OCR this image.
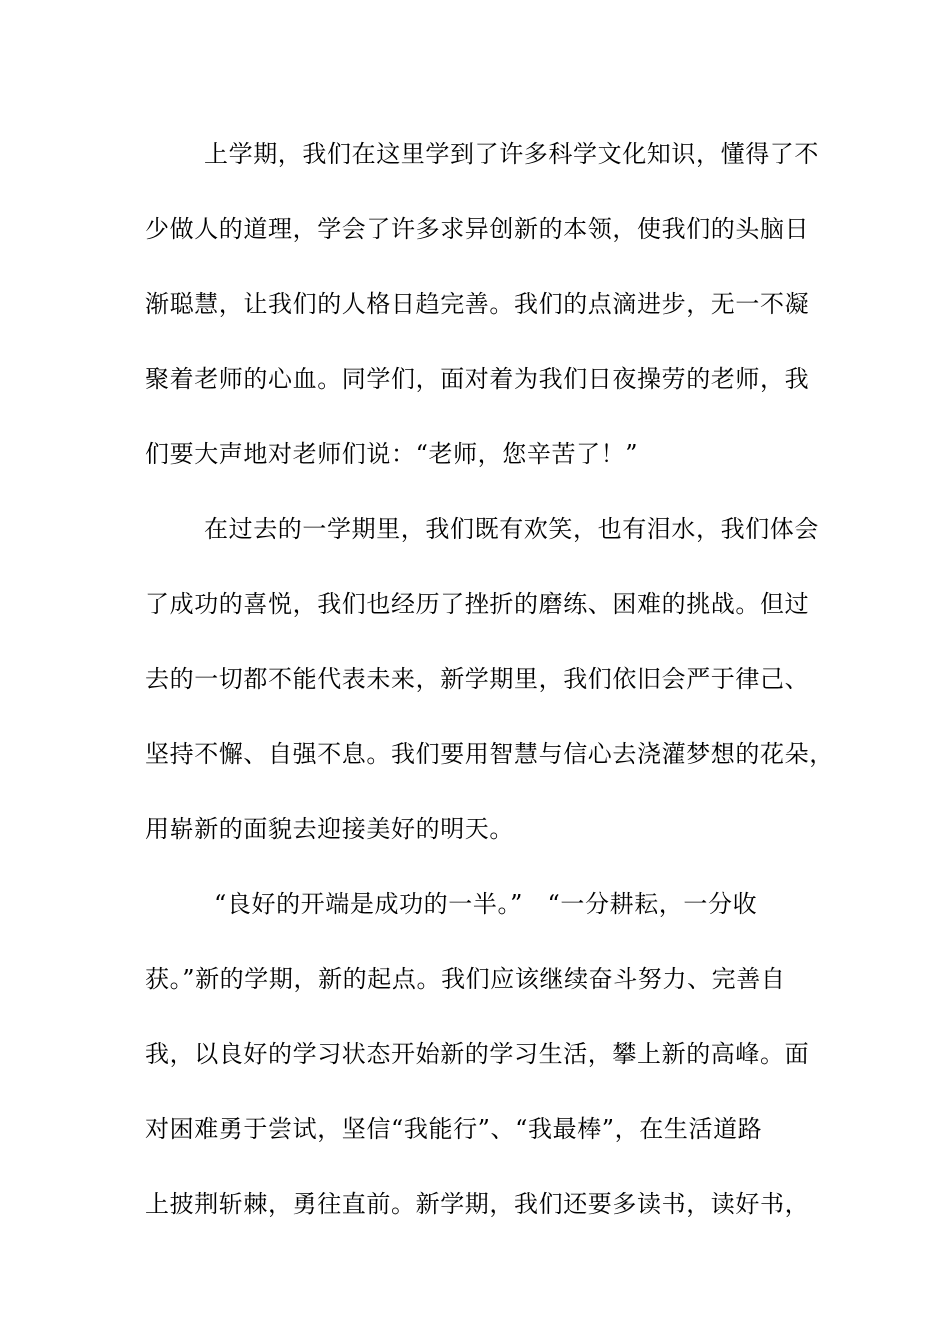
上学期，我们在这里学到了许多科学文化知识，懂得了不
少做人的道理，学会了许多求异创新的本领，使我们的头脑日
渐聪慧，让我们的人格日趋完善。我们的点滴进步，无一不凝
聚着老师的心血。同学们，面对着为我们日夜操劳的老师，我
们要大声地对老师们说：“老师，您辛苦了！”
在过去的一学期里，我们既有欢笑，也有泪水，我们体会
了成功的喜悦，我们也经历了挫折的磨练、困难的挑战。但过
去的一切都不能代表未来，新学期里，我们依旧会严于律己、
坚持不懈、自强不息。我们要用智慧与信心去浇灌梦想的花朵，
用崭新的面貌去迎接美好的明天。
“良好的开端是成功的一半。”　“一分耕耘，一分收
获。”新的学期，新的起点。我们应该继续奋斗努力、完善自
我，以良好的学习状态开始新的学习生活，攀上新的高峰。面
对困难勇于尝试，坚信“我能行”、“我最棒”，在生活道路
上披荆斩棘，勇往直前。新学期，我们还要多读书，读好书，
